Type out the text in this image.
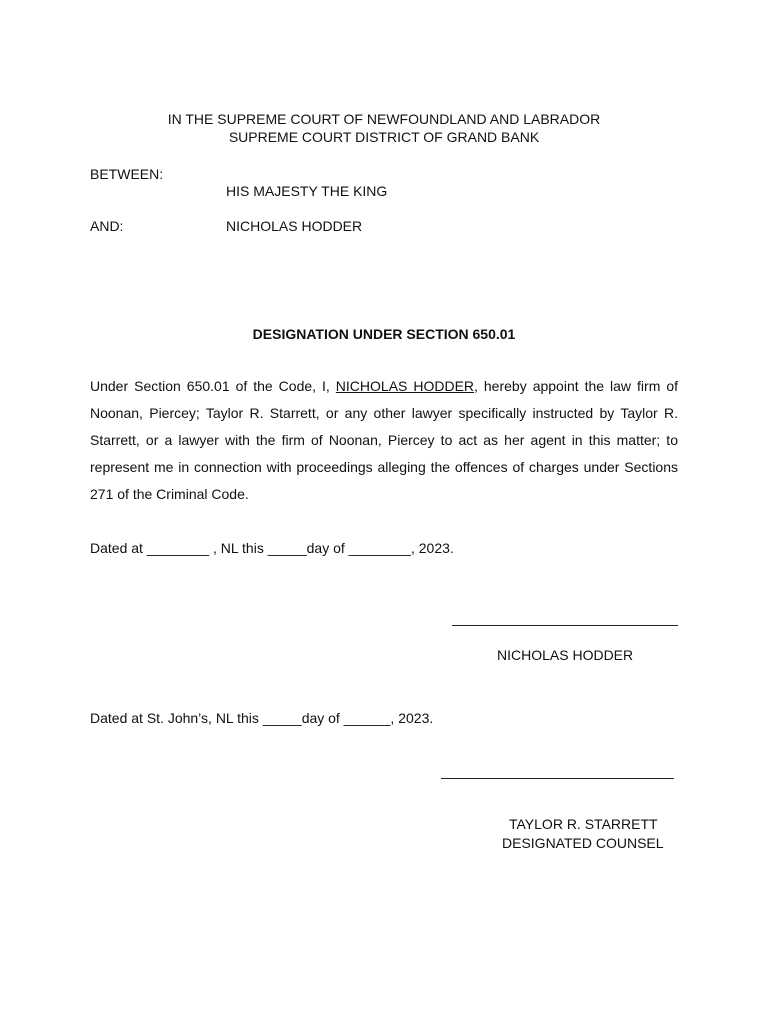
IN THE SUPREME COURT OF NEWFOUNDLAND AND LABRADOR
SUPREME COURT DISTRICT OF GRAND BANK
BETWEEN:
HIS MAJESTY THE KING
AND:	NICHOLAS HODDER
DESIGNATION UNDER SECTION 650.01
Under Section 650.01 of the Code, I, NICHOLAS HODDER, hereby appoint the law firm of Noonan, Piercey; Taylor R. Starrett, or any other lawyer specifically instructed by Taylor R. Starrett, or a lawyer with the firm of Noonan, Piercey to act as her agent in this matter; to represent me in connection with proceedings alleging the offences of charges under Sections 271 of the Criminal Code.
Dated at ________ , NL this _____day of ________, 2023.
NICHOLAS HODDER
Dated at St. John’s, NL this _____day of ______, 2023.
TAYLOR R. STARRETT
DESIGNATED COUNSEL
